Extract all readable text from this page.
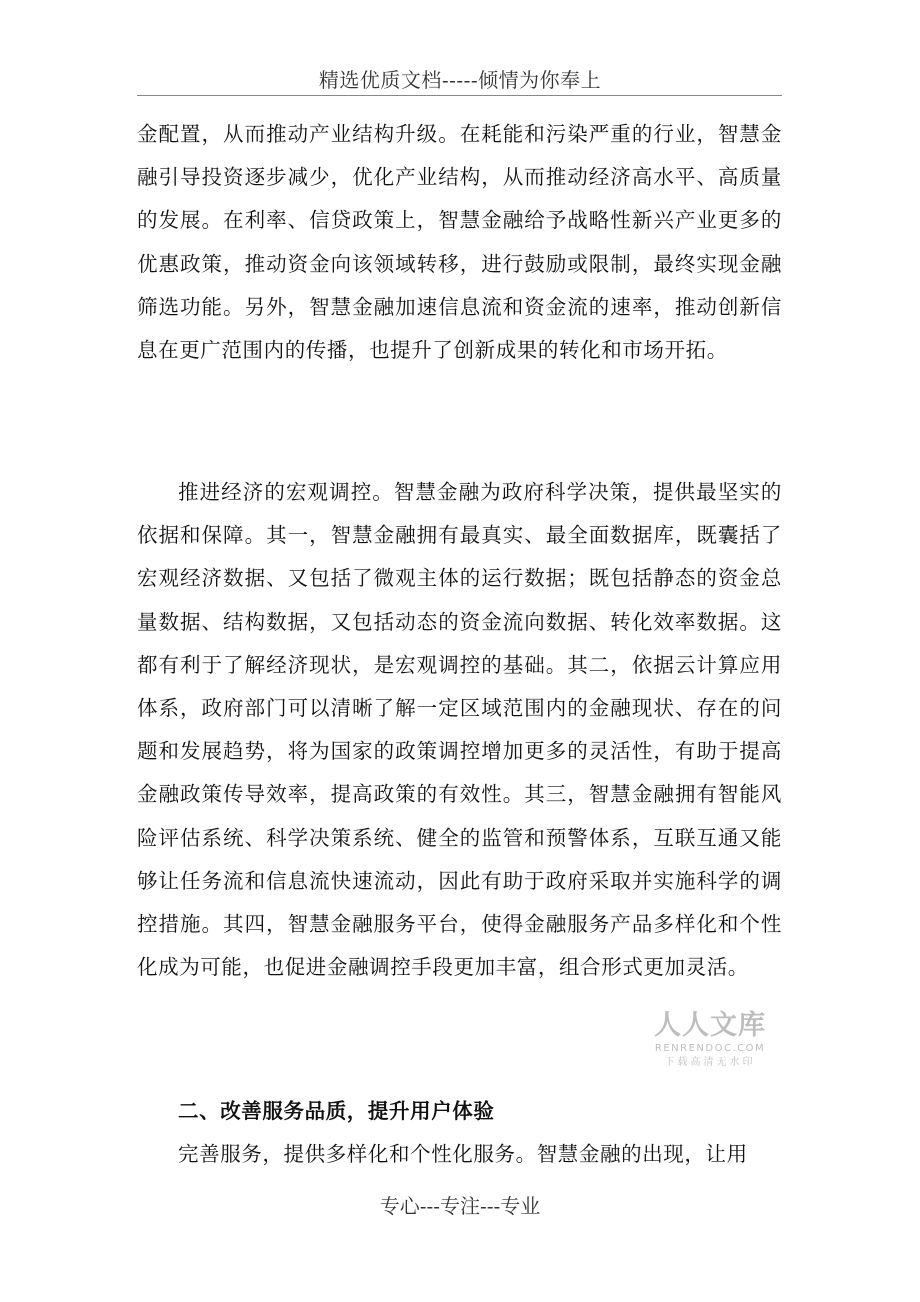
精选优质文档-----倾情为你奉上

金配置，从而推动产业结构升级。在耗能和污染严重的行业，智慧金融引导投资逐步减少，优化产业结构，从而推动经济高水平、高质量的发展。在利率、信贷政策上，智慧金融给予战略性新兴产业更多的优惠政策，推动资金向该领域转移，进行鼓励或限制，最终实现金融筛选功能。另外，智慧金融加速信息流和资金流的速率，推动创新信息在更广范围内的传播，也提升了创新成果的转化和市场开拓。

推进经济的宏观调控。智慧金融为政府科学决策，提供最坚实的依据和保障。其一，智慧金融拥有最真实、最全面数据库，既囊括了宏观经济数据、又包括了微观主体的运行数据；既包括静态的资金总量数据、结构数据，又包括动态的资金流向数据、转化效率数据。这都有利于了解经济现状，是宏观调控的基础。其二，依据云计算应用体系，政府部门可以清晰了解一定区域范围内的金融现状、存在的问题和发展趋势，将为国家的政策调控增加更多的灵活性，有助于提高金融政策传导效率，提高政策的有效性。其三，智慧金融拥有智能风险评估系统、科学决策系统、健全的监管和预警体系，互联互通又能够让任务流和信息流快速流动，因此有助于政府采取并实施科学的调控措施。其四，智慧金融服务平台，使得金融服务产品多样化和个性化成为可能，也促进金融调控手段更加丰富，组合形式更加灵活。

二、改善服务品质，提升用户体验

完善服务，提供多样化和个性化服务。智慧金融的出现，让用

人人文库
RENRENDOC.COM
下载高清无水印
专心---专注---专业
